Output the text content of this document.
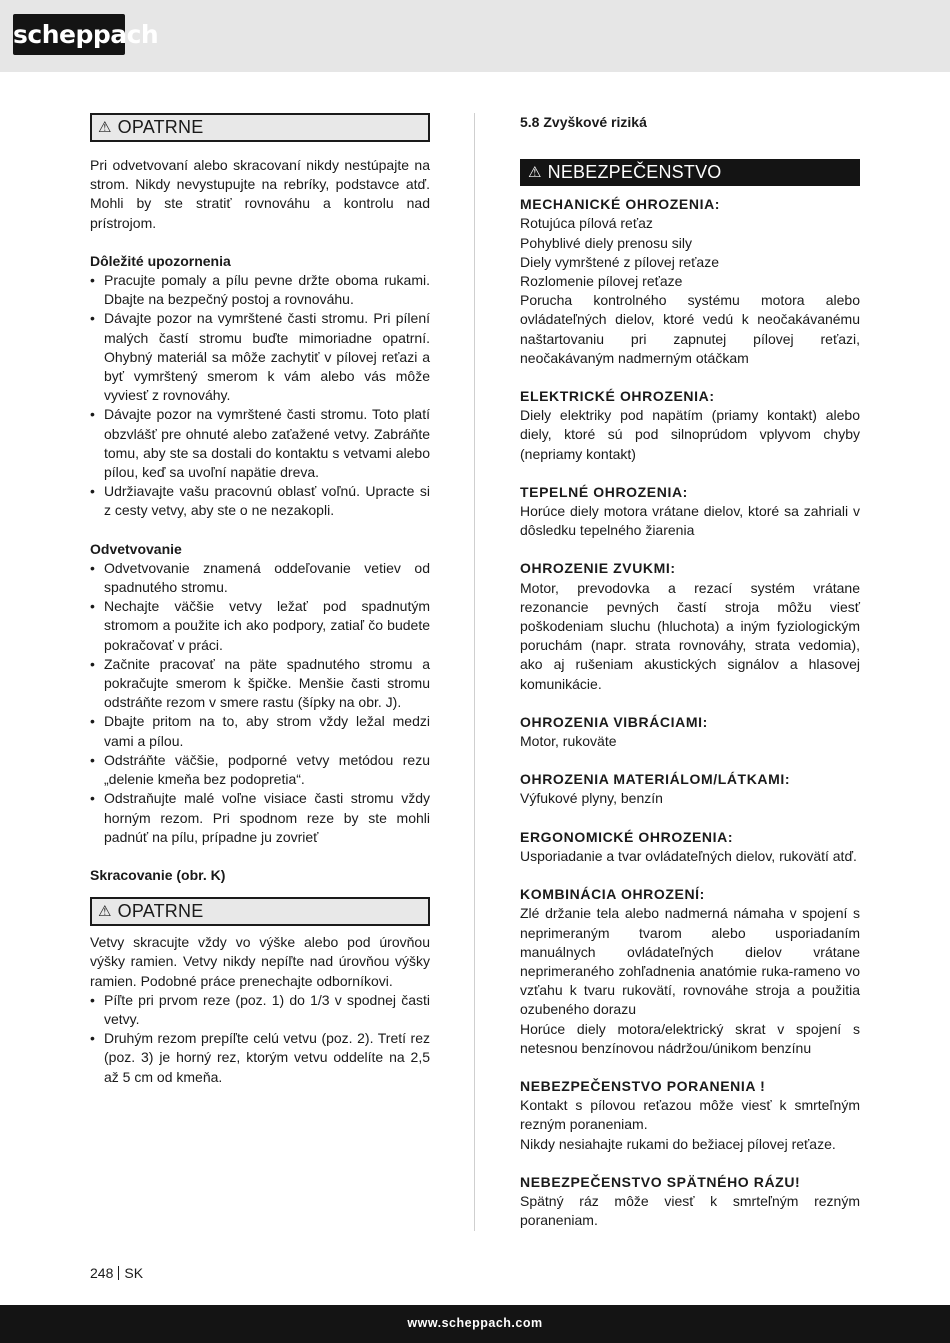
scheppach
⚠ OPATRNE

Pri odvetvovaní alebo skracovaní nikdy nestúpajte na strom. Nikdy nevystupujte na rebríky, podstavce atď. Mohli by ste stratiť rovnováhu a kontrolu nad prístrojom.

Dôležité upozornenia
• Pracujte pomaly a pílu pevne držte oboma rukami. Dbajte na bezpečný postoj a rovnováhu.
• Dávajte pozor na vymrštené časti stromu. Pri pílení malých častí stromu buďte mimoriadne opatrní. Ohybný materiál sa môže zachytiť v pílovej reťazi a byť vymrštený smerom k vám alebo vás môže vyviesť z rovnováhy.
• Dávajte pozor na vymrštené časti stromu. Toto platí obzvlášť pre ohnuté alebo zaťažené vetvy. Zabráňte tomu, aby ste sa dostali do kontaktu s vetvami alebo pílou, keď sa uvoľní napätie dreva.
• Udržiavajte vašu pracovnú oblasť voľnú. Upracte si z cesty vetvy, aby ste o ne nezakopli.
Odvetvovanie
• Odvetvovanie znamená oddeľovanie vetiev od spadnutého stromu.
• Nechajte väčšie vetvy ležať pod spadnutým stromom a použite ich ako podpory, zatiaľ čo budete pokračovať v práci.
• Začnite pracovať na päte spadnutého stromu a pokračujte smerom k špičke. Menšie časti stromu odstráňte rezom v smere rastu (šípky na obr. J).
• Dbajte pritom na to, aby strom vždy ležal medzi vami a pílou.
• Odstráňte väčšie, podporné vetvy metódou rezu „delenie kmeňa bez podopretia“.
• Odstraňujte malé voľne visiace časti stromu vždy horným rezom. Pri spodnom reze by ste mohli padnúť na pílu, prípadne ju zovrieť
Skracovanie (obr. K)
⚠ OPATRNE

Vetvy skracujte vždy vo výške alebo pod úrovňou výšky ramien. Vetvy nikdy nepíľte nad úrovňou výšky ramien. Podobné práce prenechajte odborníkovi.

• Píľte pri prvom reze (poz. 1) do 1/3 v spodnej časti vetvy.
• Druhým rezom prepíľte celú vetvu (poz. 2). Tretí rez (poz. 3) je horný rez, ktorým vetvu oddelíte na 2,5 až 5 cm od kmeňa.
5.8 Zvyškové riziká
⚠ NEBEZPEČENSTVO
MECHANICKÉ OHROZENIA:
Rotujúca pílová reťaz
Pohyblivé diely prenosu sily
Diely vymrštené z pílovej reťaze
Rozlomenie pílovej reťaze

Porucha kontrolného systému motora alebo ovládateľných dielov, ktoré vedú k neočakávanému naštartovaniu pri zapnutej pílovej reťazi, neočakávaným nadmerným otáčkam

ELEKTRICKÉ OHROZENIA:

Diely elektriky pod napätím (priamy kontakt) alebo diely, ktoré sú pod silnoprúdom vplyvom chyby (nepriamy kontakt)

TEPELNÉ OHROZENIA:

Horúce diely motora vrátane dielov, ktoré sa zahriali v dôsledku tepelného žiarenia

OHROZENIE ZVUKMI:

Motor, prevodovka a rezací systém vrátane rezonancie pevných častí stroja môžu viesť poškodeniam sluchu (hluchota) a iným fyziologickým poruchám (napr. strata rovnováhy, strata vedomia), ako aj rušeniam akustických signálov a hlasovej komunikácie.

OHROZENIA VIBRÁCIAMI:

Motor, rukoväte

OHROZENIA MATERIÁLOM/LÁTKAMI:

Výfukové plyny, benzín

ERGONOMICKÉ OHROZENIA:

Usporiadanie a tvar ovládateľných dielov, rukovätí atď.

KOMBINÁCIA OHROZENÍ:

Zlé držanie tela alebo nadmerná námaha v spojení s neprimeraným tvarom alebo usporiadaním manuálnych ovládateľných dielov vrátane neprimeraného zohľadnenia anatómie ruka-rameno vo vzťahu k tvaru rukovätí, rovnováhe stroja a použitia ozubeného dorazu

Horúce diely motora/elektrický skrat v spojení s netesnou benzínovou nádržou/únikom benzínu

NEBEZPEČENSTVO PORANENIA !

Kontakt s pílovou reťazou môže viesť k smrteľným rezným poraneniam.

Nikdy nesiahajte rukami do bežiacej pílovej reťaze.

NEBEZPEČENSTVO SPÄTNÉHO RÁZU!

Spätný ráz môže viesť k smrteľným rezným poraneniam.

248 SK
www.scheppach.com
